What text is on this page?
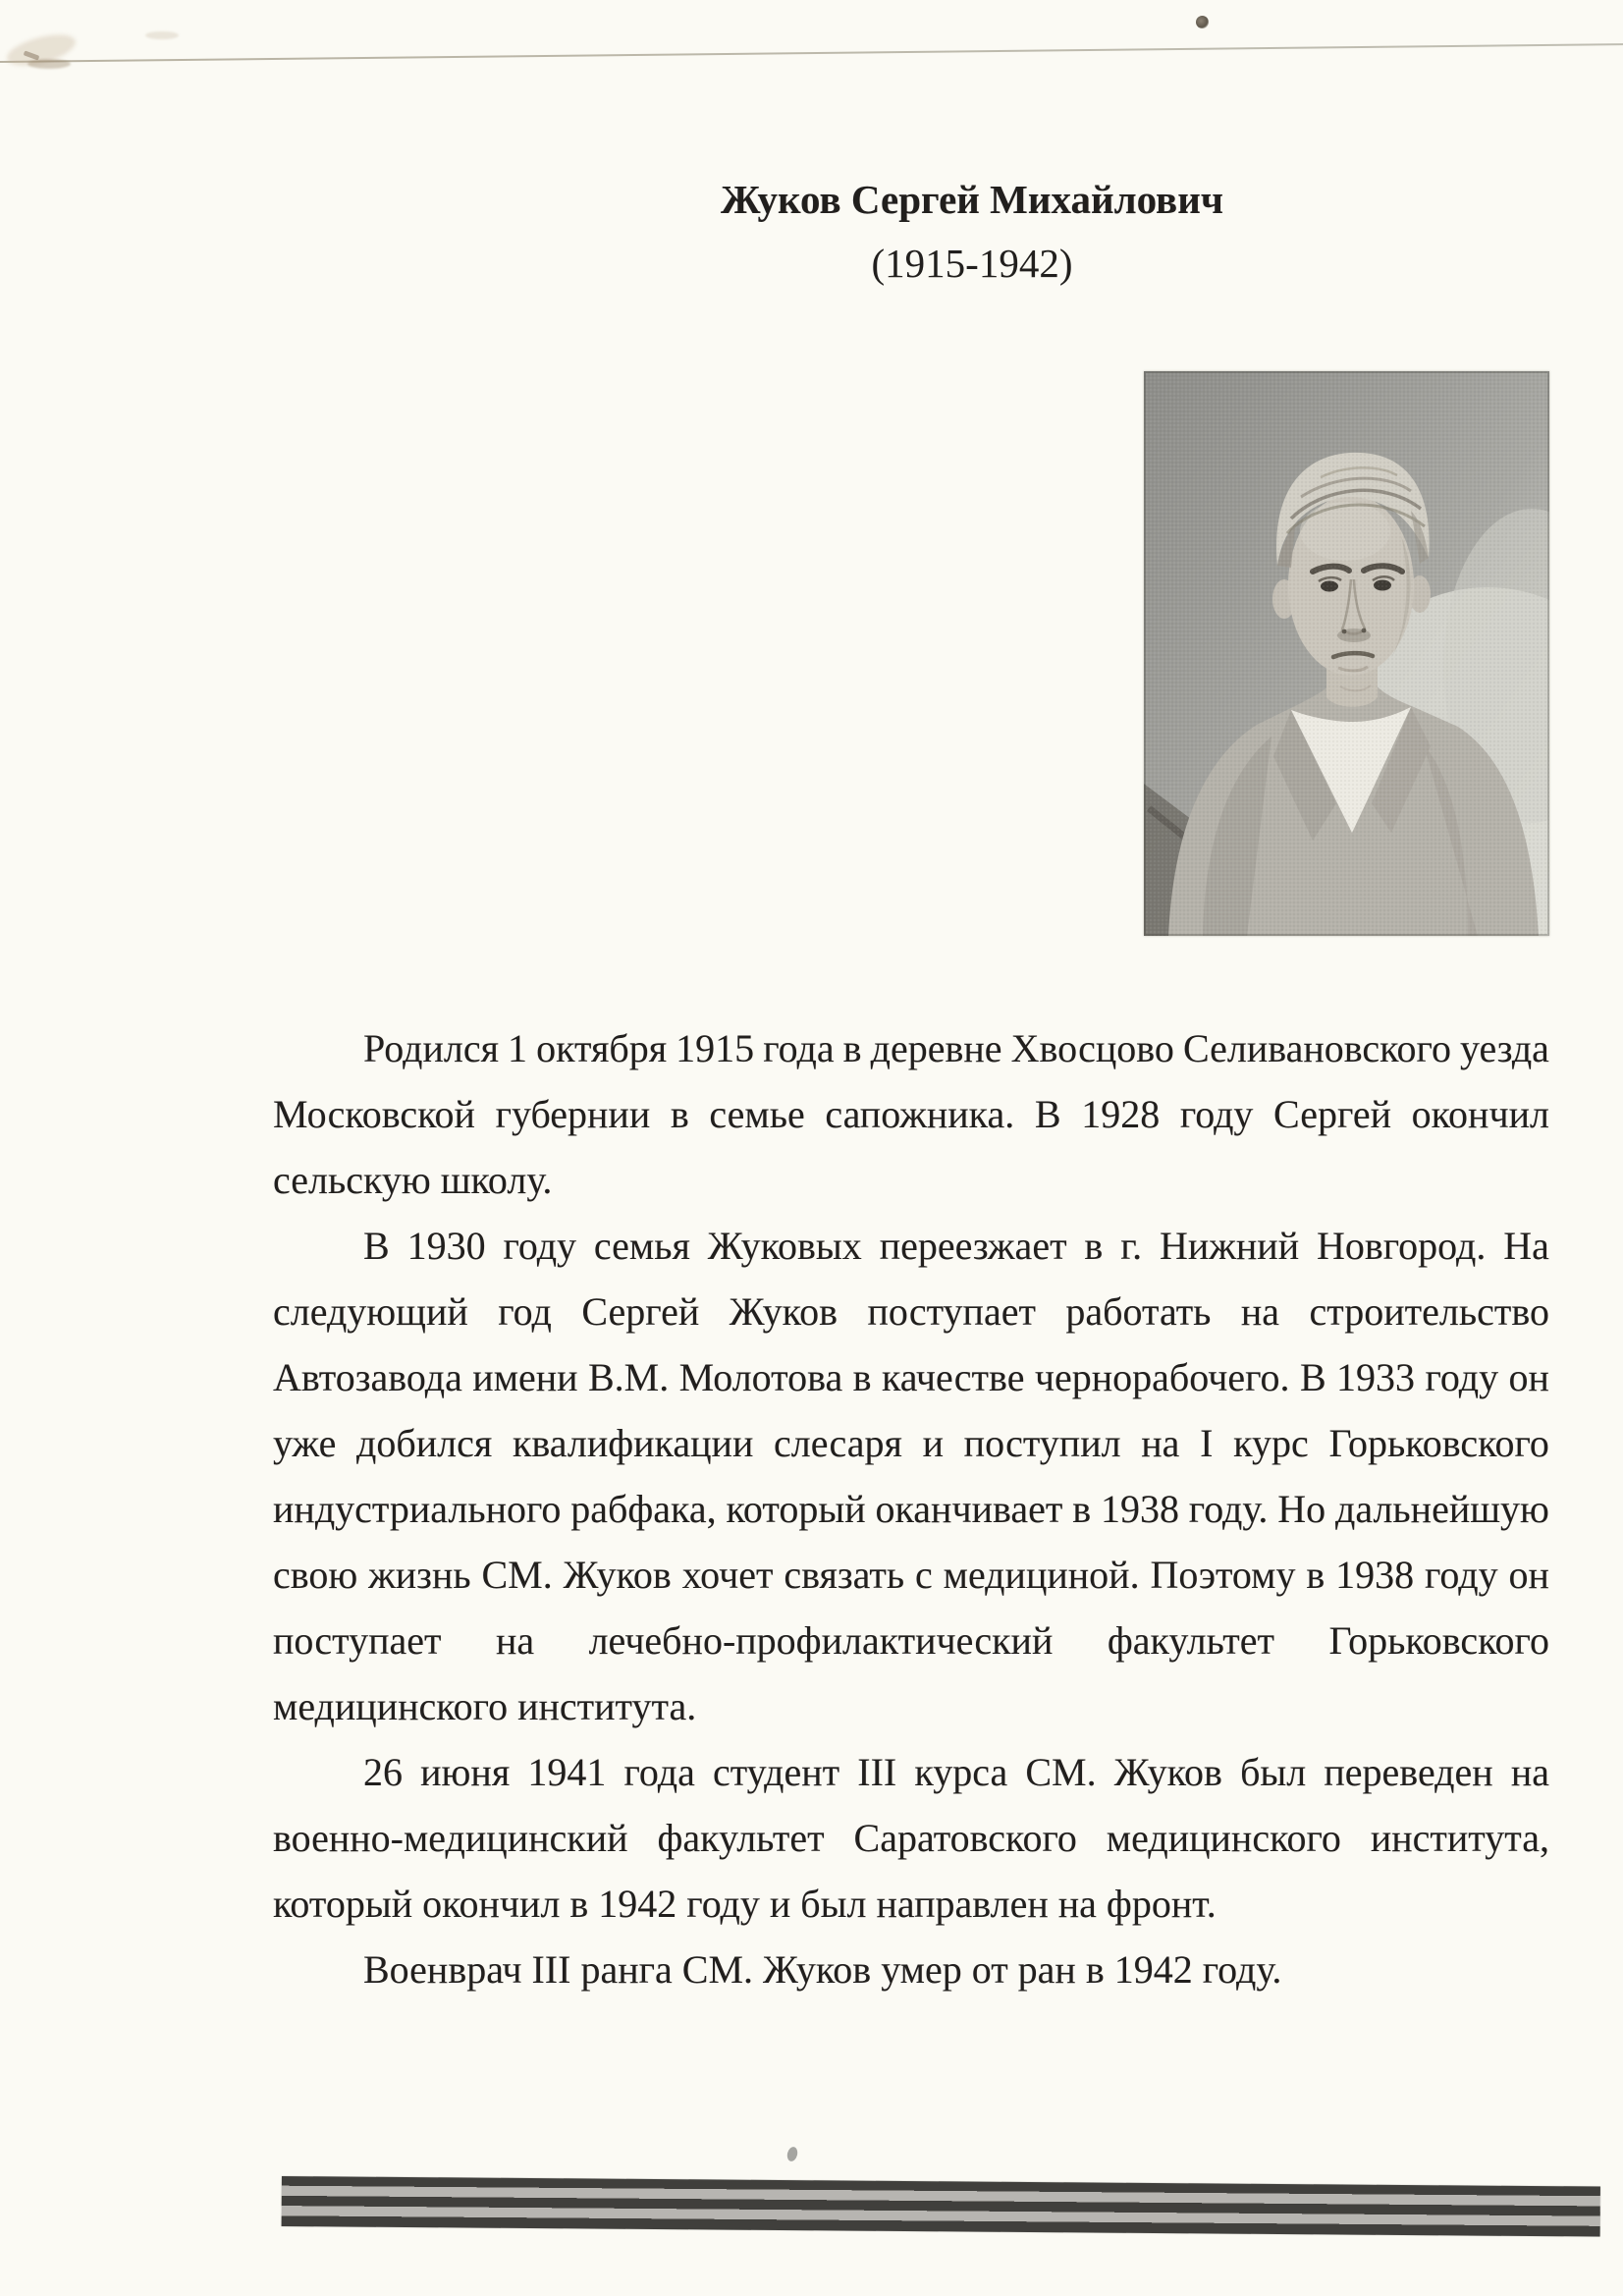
Жуков Сергей Михайлович
(1915-1942)
Родился 1 октября 1915 года в деревне Хвосцово Селивановского уезда
Московской губернии в семье сапожника. В 1928 году Сергей окончил
сельскую школу.
В 1930 году семья Жуковых переезжает в г. Нижний Новгород. На
следующий год Сергей Жуков поступает работать на строительство
Автозавода имени В.М. Молотова в качестве чернорабочего. В 1933 году он
уже добился квалификации слесаря и поступил на I курс Горьковского
индустриального рабфака, который оканчивает в 1938 году. Но дальнейшую
свою жизнь СМ. Жуков хочет связать с медициной. Поэтому в 1938 году он
поступает на лечебно-профилактический факультет Горьковского
медицинского института.
26 июня 1941 года студент III курса СМ. Жуков был переведен на
военно-медицинский факультет Саратовского медицинского института,
который окончил в 1942 году и был направлен на фронт.
Военврач III ранга СМ. Жуков умер от ран в 1942 году.
